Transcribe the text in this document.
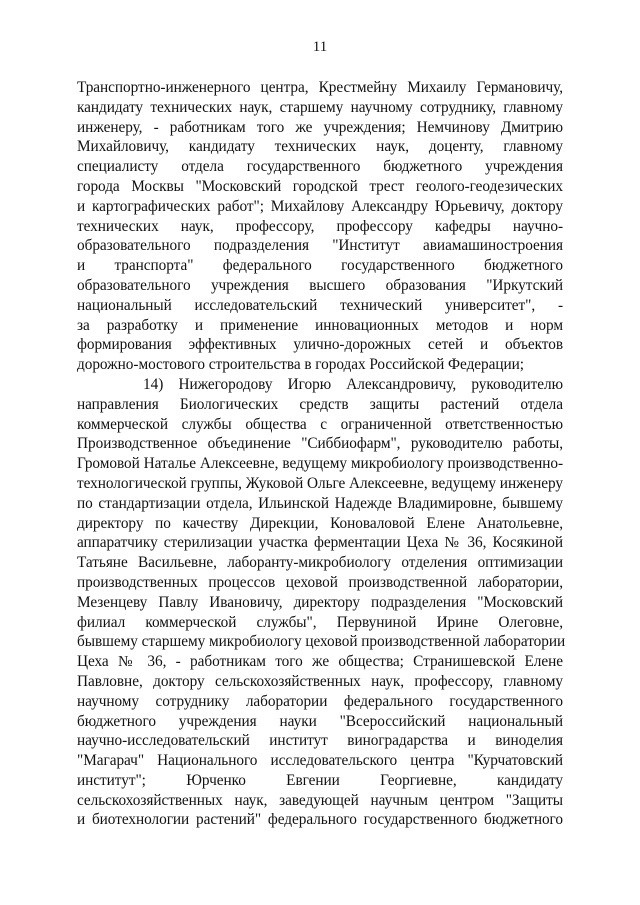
11
Транспортно-инженерного центра, Крестмейну Михаилу Германовичу,
кандидату технических наук, старшему научному сотруднику, главному
инженеру, - работникам того же учреждения; Немчинову Дмитрию
Михайловичу, кандидату технических наук, доценту, главному
специалисту отдела государственного бюджетного учреждения
города Москвы "Московский городской трест геолого-геодезических
и картографических работ"; Михайлову Александру Юрьевичу, доктору
технических наук, профессору, профессору кафедры научно-
образовательного подразделения "Институт авиамашиностроения
и транспорта" федерального государственного бюджетного
образовательного учреждения высшего образования "Иркутский
национальный исследовательский технический университет", -
за разработку и применение инновационных методов и норм
формирования эффективных улично-дорожных сетей и объектов
дорожно-мостового строительства в городах Российской Федерации;
14) Нижегородову Игорю Александровичу, руководителю
направления Биологических средств защиты растений отдела
коммерческой службы общества с ограниченной ответственностью
Производственное объединение "Сиббиофарм", руководителю работы,
Громовой Наталье Алексеевне, ведущему микробиологу производственно-
технологической группы, Жуковой Ольге Алексеевне, ведущему инженеру
по стандартизации отдела, Ильинской Надежде Владимировне, бывшему
директору по качеству Дирекции, Коноваловой Елене Анатольевне,
аппаратчику стерилизации участка ферментации Цеха № 36, Косякиной
Татьяне Васильевне, лаборанту-микробиологу отделения оптимизации
производственных процессов цеховой производственной лаборатории,
Мезенцеву Павлу Ивановичу, директору подразделения "Московский
филиал коммерческой службы", Первуниной Ирине Олеговне,
бывшему старшему микробиологу цеховой производственной лаборатории
Цеха № 36, - работникам того же общества; Странишевской Елене
Павловне, доктору сельскохозяйственных наук, профессору, главному
научному сотруднику лаборатории федерального государственного
бюджетного учреждения науки "Всероссийский национальный
научно-исследовательский институт виноградарства и виноделия
"Магарач" Национального исследовательского центра "Курчатовский
институт"; Юрченко Евгении Георгиевне, кандидату
сельскохозяйственных наук, заведующей научным центром "Защиты
и биотехнологии растений" федерального государственного бюджетного
